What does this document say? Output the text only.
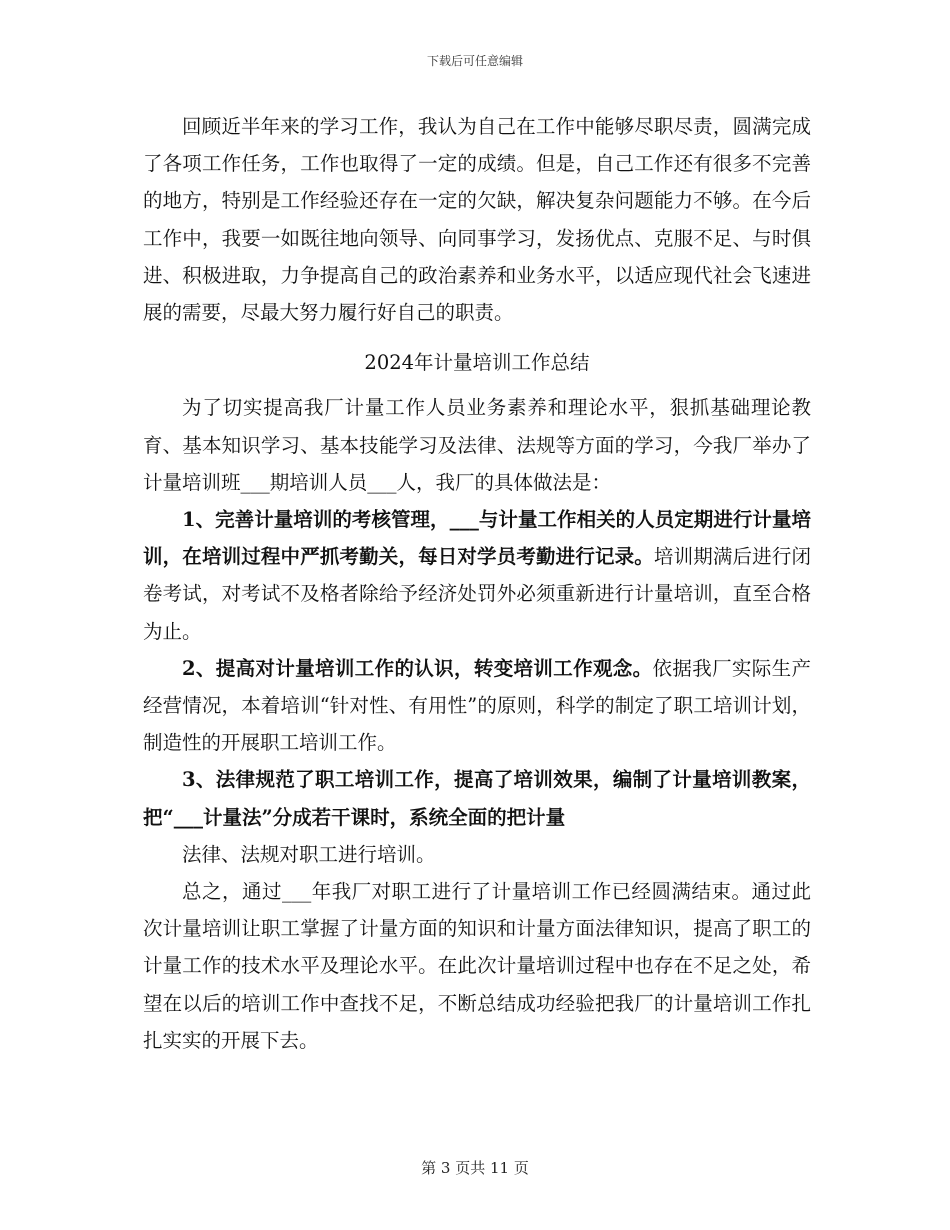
下载后可任意编辑

回顾近半年来的学习工作，我认为自己在工作中能够尽职尽责，圆满完成了各项工作任务，工作也取得了一定的成绩。但是，自己工作还有很多不完善的地方，特别是工作经验还存在一定的欠缺，解决复杂问题能力不够。在今后工作中，我要一如既往地向领导、向同事学习，发扬优点、克服不足、与时俱进、积极进取，力争提高自己的政治素养和业务水平，以适应现代社会飞速进展的需要，尽最大努力履行好自己的职责。

2024年计量培训工作总结

为了切实提高我厂计量工作人员业务素养和理论水平，狠抓基础理论教育、基本知识学习、基本技能学习及法律、法规等方面的学习，今我厂举办了计量培训班___期培训人员___人，我厂的具体做法是：

1、完善计量培训的考核管理，___与计量工作相关的人员定期进行计量培训，在培训过程中严抓考勤关，每日对学员考勤进行记录。培训期满后进行闭卷考试，对考试不及格者除给予经济处罚外必须重新进行计量培训，直至合格为止。

2、提高对计量培训工作的认识，转变培训工作观念。依据我厂实际生产经营情况，本着培训“针对性、有用性”的原则，科学的制定了职工培训计划，制造性的开展职工培训工作。

3、法律规范了职工培训工作，提高了培训效果，编制了计量培训教案，把“___计量法”分成若干课时，系统全面的把计量

法律、法规对职工进行培训。

总之，通过___年我厂对职工进行了计量培训工作已经圆满结束。通过此次计量培训让职工掌握了计量方面的知识和计量方面法律知识，提高了职工的计量工作的技术水平及理论水平。在此次计量培训过程中也存在不足之处，希望在以后的培训工作中查找不足，不断总结成功经验把我厂的计量培训工作扎扎实实的开展下去。

第 3 页共 11 页
